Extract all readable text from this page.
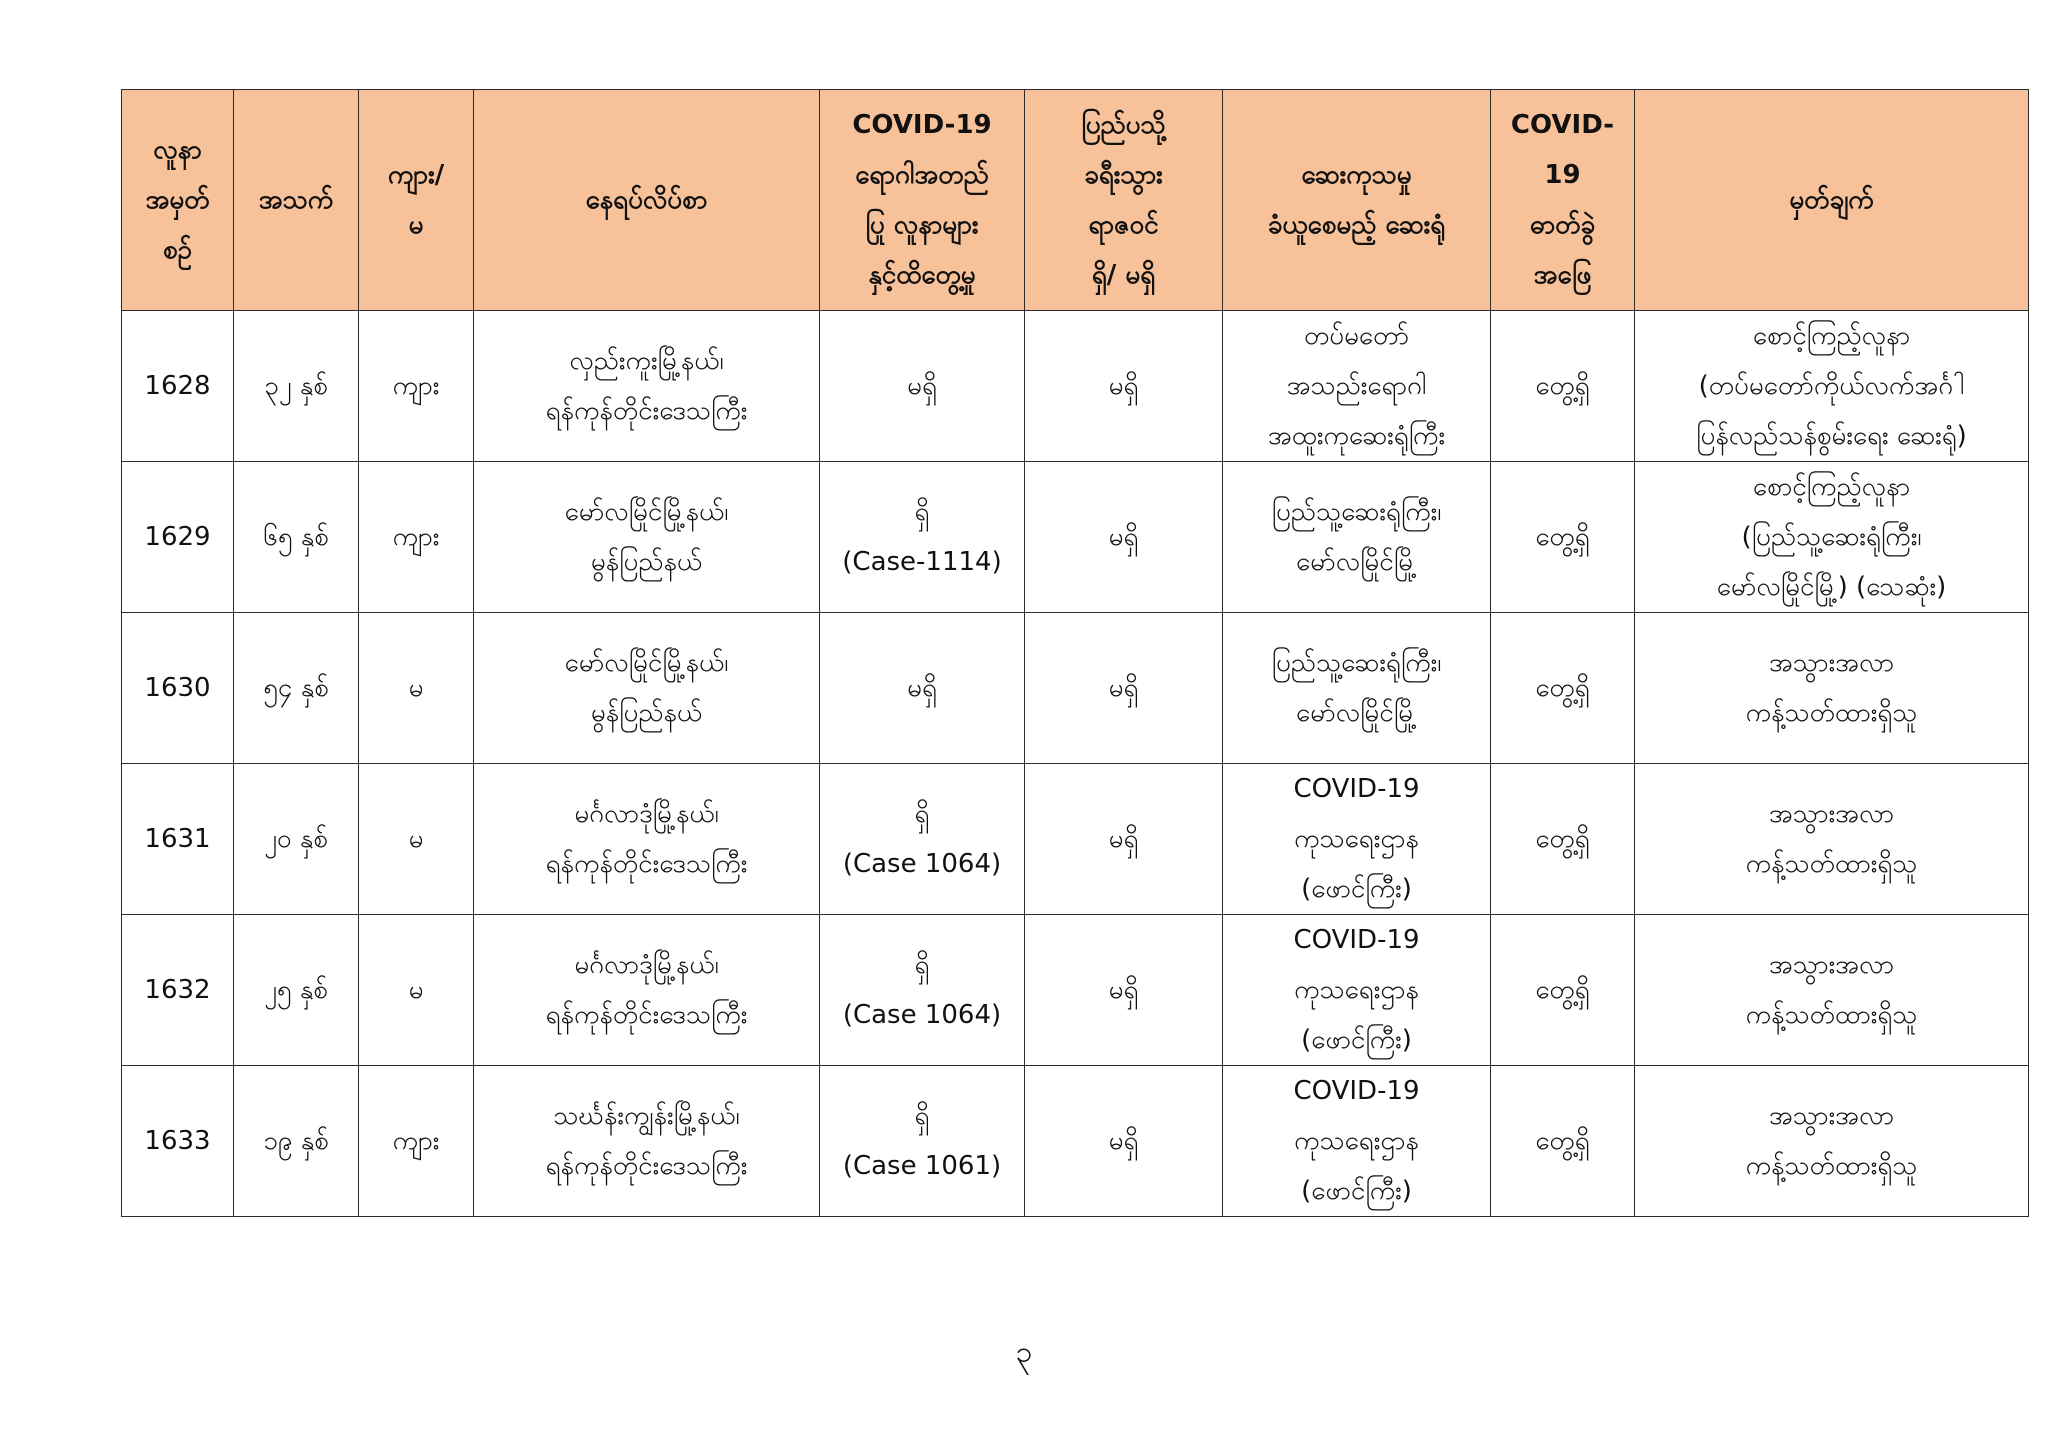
လူနာ
အမှတ်
စဉ်	အသက်	ကျား/
မ	နေရပ်လိပ်စာ	COVID-19
ရောဂါအတည်
ပြု လူနာများ
နှင့်ထိတွေ့မှု	ပြည်ပသို့
ခရီးသွား
ရာဇဝင်
ရှိ/ မရှိ	ဆေးကုသမှု
ခံယူစေမည့် ဆေးရုံ	COVID-
19
ဓာတ်ခွဲ
အဖြေ	မှတ်ချက်

1628	၃၂ နှစ်	ကျား	လှည်းကူးမြို့နယ်၊
ရန်ကုန်တိုင်းဒေသကြီး	မရှိ	မရှိ	တပ်မတော်
အသည်းရောဂါ
အထူးကုဆေးရုံကြီး	တွေ့ရှိ	စောင့်ကြည့်လူနာ
(တပ်မတော်ကိုယ်လက်အင်္ဂါ
ပြန်လည်သန်စွမ်းရေး ဆေးရုံ)

1629	၆၅ နှစ်	ကျား	မော်လမြိုင်မြို့နယ်၊
မွန်ပြည်နယ်	ရှိ
(Case-1114)	မရှိ	ပြည်သူ့ဆေးရုံကြီး၊
မော်လမြိုင်မြို့	တွေ့ရှိ	စောင့်ကြည့်လူနာ
(ပြည်သူ့ဆေးရုံကြီး၊
မော်လမြိုင်မြို့) (သေဆုံး)

1630	၅၄ နှစ်	မ	မော်လမြိုင်မြို့နယ်၊
မွန်ပြည်နယ်	မရှိ	မရှိ	ပြည်သူ့ဆေးရုံကြီး၊
မော်လမြိုင်မြို့	တွေ့ရှိ	အသွားအလာ
ကန့်သတ်ထားရှိသူ

1631	၂၀ နှစ်	မ	မင်္ဂလာဒုံမြို့နယ်၊
ရန်ကုန်တိုင်းဒေသကြီး	ရှိ
(Case 1064)	မရှိ	COVID-19
ကုသရေးဌာန
(ဖောင်ကြီး)	တွေ့ရှိ	အသွားအလာ
ကန့်သတ်ထားရှိသူ

1632	၂၅ နှစ်	မ	မင်္ဂလာဒုံမြို့နယ်၊
ရန်ကုန်တိုင်းဒေသကြီး	ရှိ
(Case 1064)	မရှိ	COVID-19
ကုသရေးဌာန
(ဖောင်ကြီး)	တွေ့ရှိ	အသွားအလာ
ကန့်သတ်ထားရှိသူ

1633	၁၉ နှစ်	ကျား	သင်္ဃန်းကျွန်းမြို့နယ်၊
ရန်ကုန်တိုင်းဒေသကြီး	ရှိ
(Case 1061)	မရှိ	COVID-19
ကုသရေးဌာန
(ဖောင်ကြီး)	တွေ့ရှိ	အသွားအလာ
ကန့်သတ်ထားရှိသူ
၃
